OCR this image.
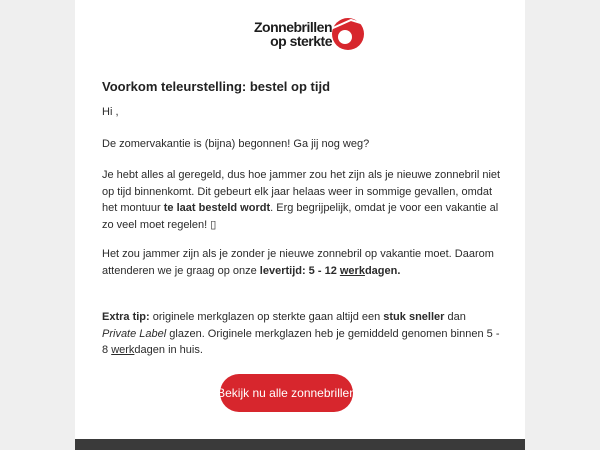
Zonnebrillen
op sterkte
Voorkom teleurstelling: bestel op tijd

Hi ,

De zomervakantie is (bijna) begonnen! Ga jij nog weg?

Je hebt alles al geregeld, dus hoe jammer zou het zijn als je nieuwe zonnebril niet op tijd binnenkomt. Dit gebeurt elk jaar helaas weer in sommige gevallen, omdat het montuur te laat besteld wordt. Erg begrijpelijk, omdat je voor een vakantie al zo veel moet regelen! ▯

Het zou jammer zijn als je zonder je nieuwe zonnebril op vakantie moet. Daarom attenderen we je graag op onze levertijd: 5 - 12 werkdagen.

Extra tip: originele merkglazen op sterkte gaan altijd een stuk sneller dan Private Label glazen. Originele merkglazen heb je gemiddeld genomen binnen 5 - 8 werkdagen in huis.

Bekijk nu alle zonnebrillen
